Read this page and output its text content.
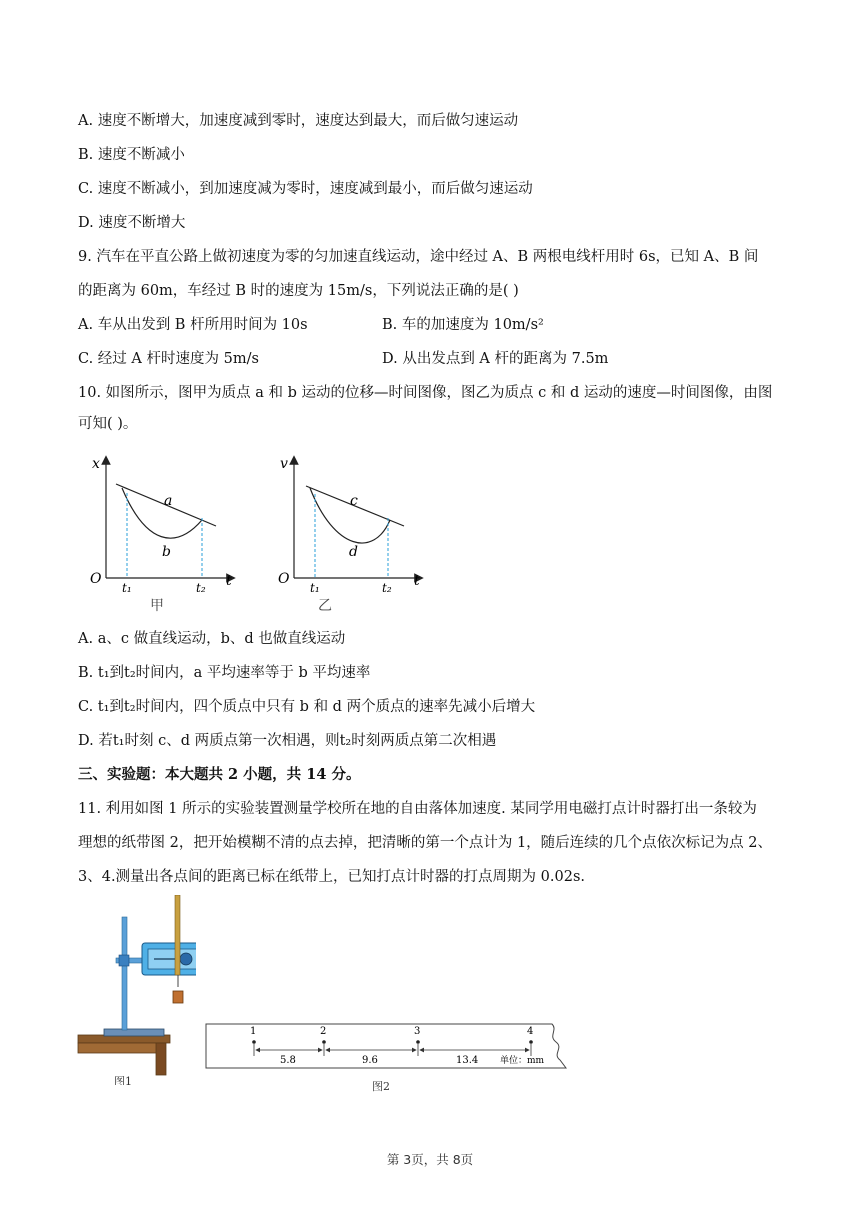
A. 速度不断增大，加速度减到零时，速度达到最大，而后做匀速运动
B. 速度不断减小
C. 速度不断减小，到加速度减为零时，速度减到最小，而后做匀速运动
D. 速度不断增大
9. 汽车在平直公路上做初速度为零的匀加速直线运动，途中经过 A、B 两根电线杆用时 6s，已知 A、B 间
的距离为 60m，车经过 B 时的速度为 15m/s，下列说法正确的是( )
A. 车从出发到 B 杆所用时间为 10s	B. 车的加速度为 10m/s²
C. 经过 A 杆时速度为 5m/s	D. 从出发点到 A 杆的距离为 7.5m
10. 如图所示，图甲为质点 a 和 b 运动的位移—时间图像，图乙为质点 c 和 d 运动的速度—时间图像，由图
可知( )。
x
t
O
t₁	t₂
a
b
甲
v
t
O
t₁	t₂
c
d
乙
A. a、c 做直线运动，b、d 也做直线运动
B. t₁到t₂时间内，a 平均速率等于 b 平均速率
C. t₁到t₂时间内，四个质点中只有 b 和 d 两个质点的速率先减小后增大
D. 若t₁时刻 c、d 两质点第一次相遇，则t₂时刻两质点第二次相遇
三、实验题：本大题共 2 小题，共 14 分。
11. 利用如图 1 所示的实验装置测量学校所在地的自由落体加速度. 某同学用电磁打点计时器打出一条较为
理想的纸带图 2，把开始模糊不清的点去掉，把清晰的第一个点计为 1，随后连续的几个点依次标记为点 2、
3、4.测量出各点间的距离已标在纸带上，已知打点计时器的打点周期为 0.02s.
图1
1	2	3	4
5.8	9.6	13.4 单位：mm
图2
第 3页，共 8页
